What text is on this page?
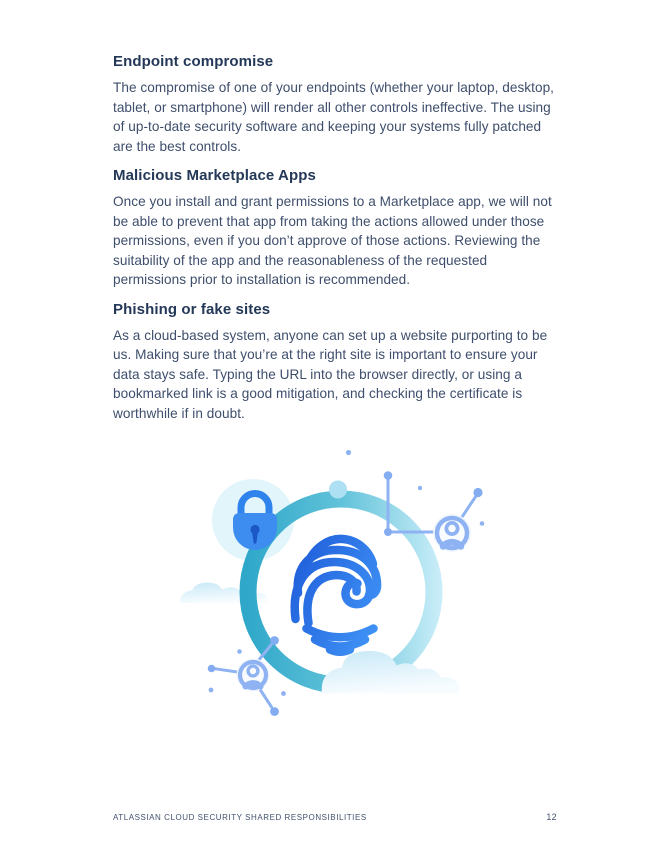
Endpoint compromise

The compromise of one of your endpoints (whether your laptop, desktop, tablet, or smartphone) will render all other controls ineffective. The using of up-to-date security software and keeping your systems fully patched are the best controls.

Malicious Marketplace Apps

Once you install and grant permissions to a Marketplace app, we will not be able to prevent that app from taking the actions allowed under those permissions, even if you don’t approve of those actions. Reviewing the suitability of the app and the reasonableness of the requested permissions prior to installation is recommended.

Phishing or fake sites

As a cloud-based system, anyone can set up a website purporting to be us. Making sure that you’re at the right site is important to ensure your data stays safe. Typing the URL into the browser directly, or using a bookmarked link is a good mitigation, and checking the certificate is worthwhile if in doubt.

ATLASSIAN CLOUD SECURITY SHARED RESPONSIBILITIES	12
